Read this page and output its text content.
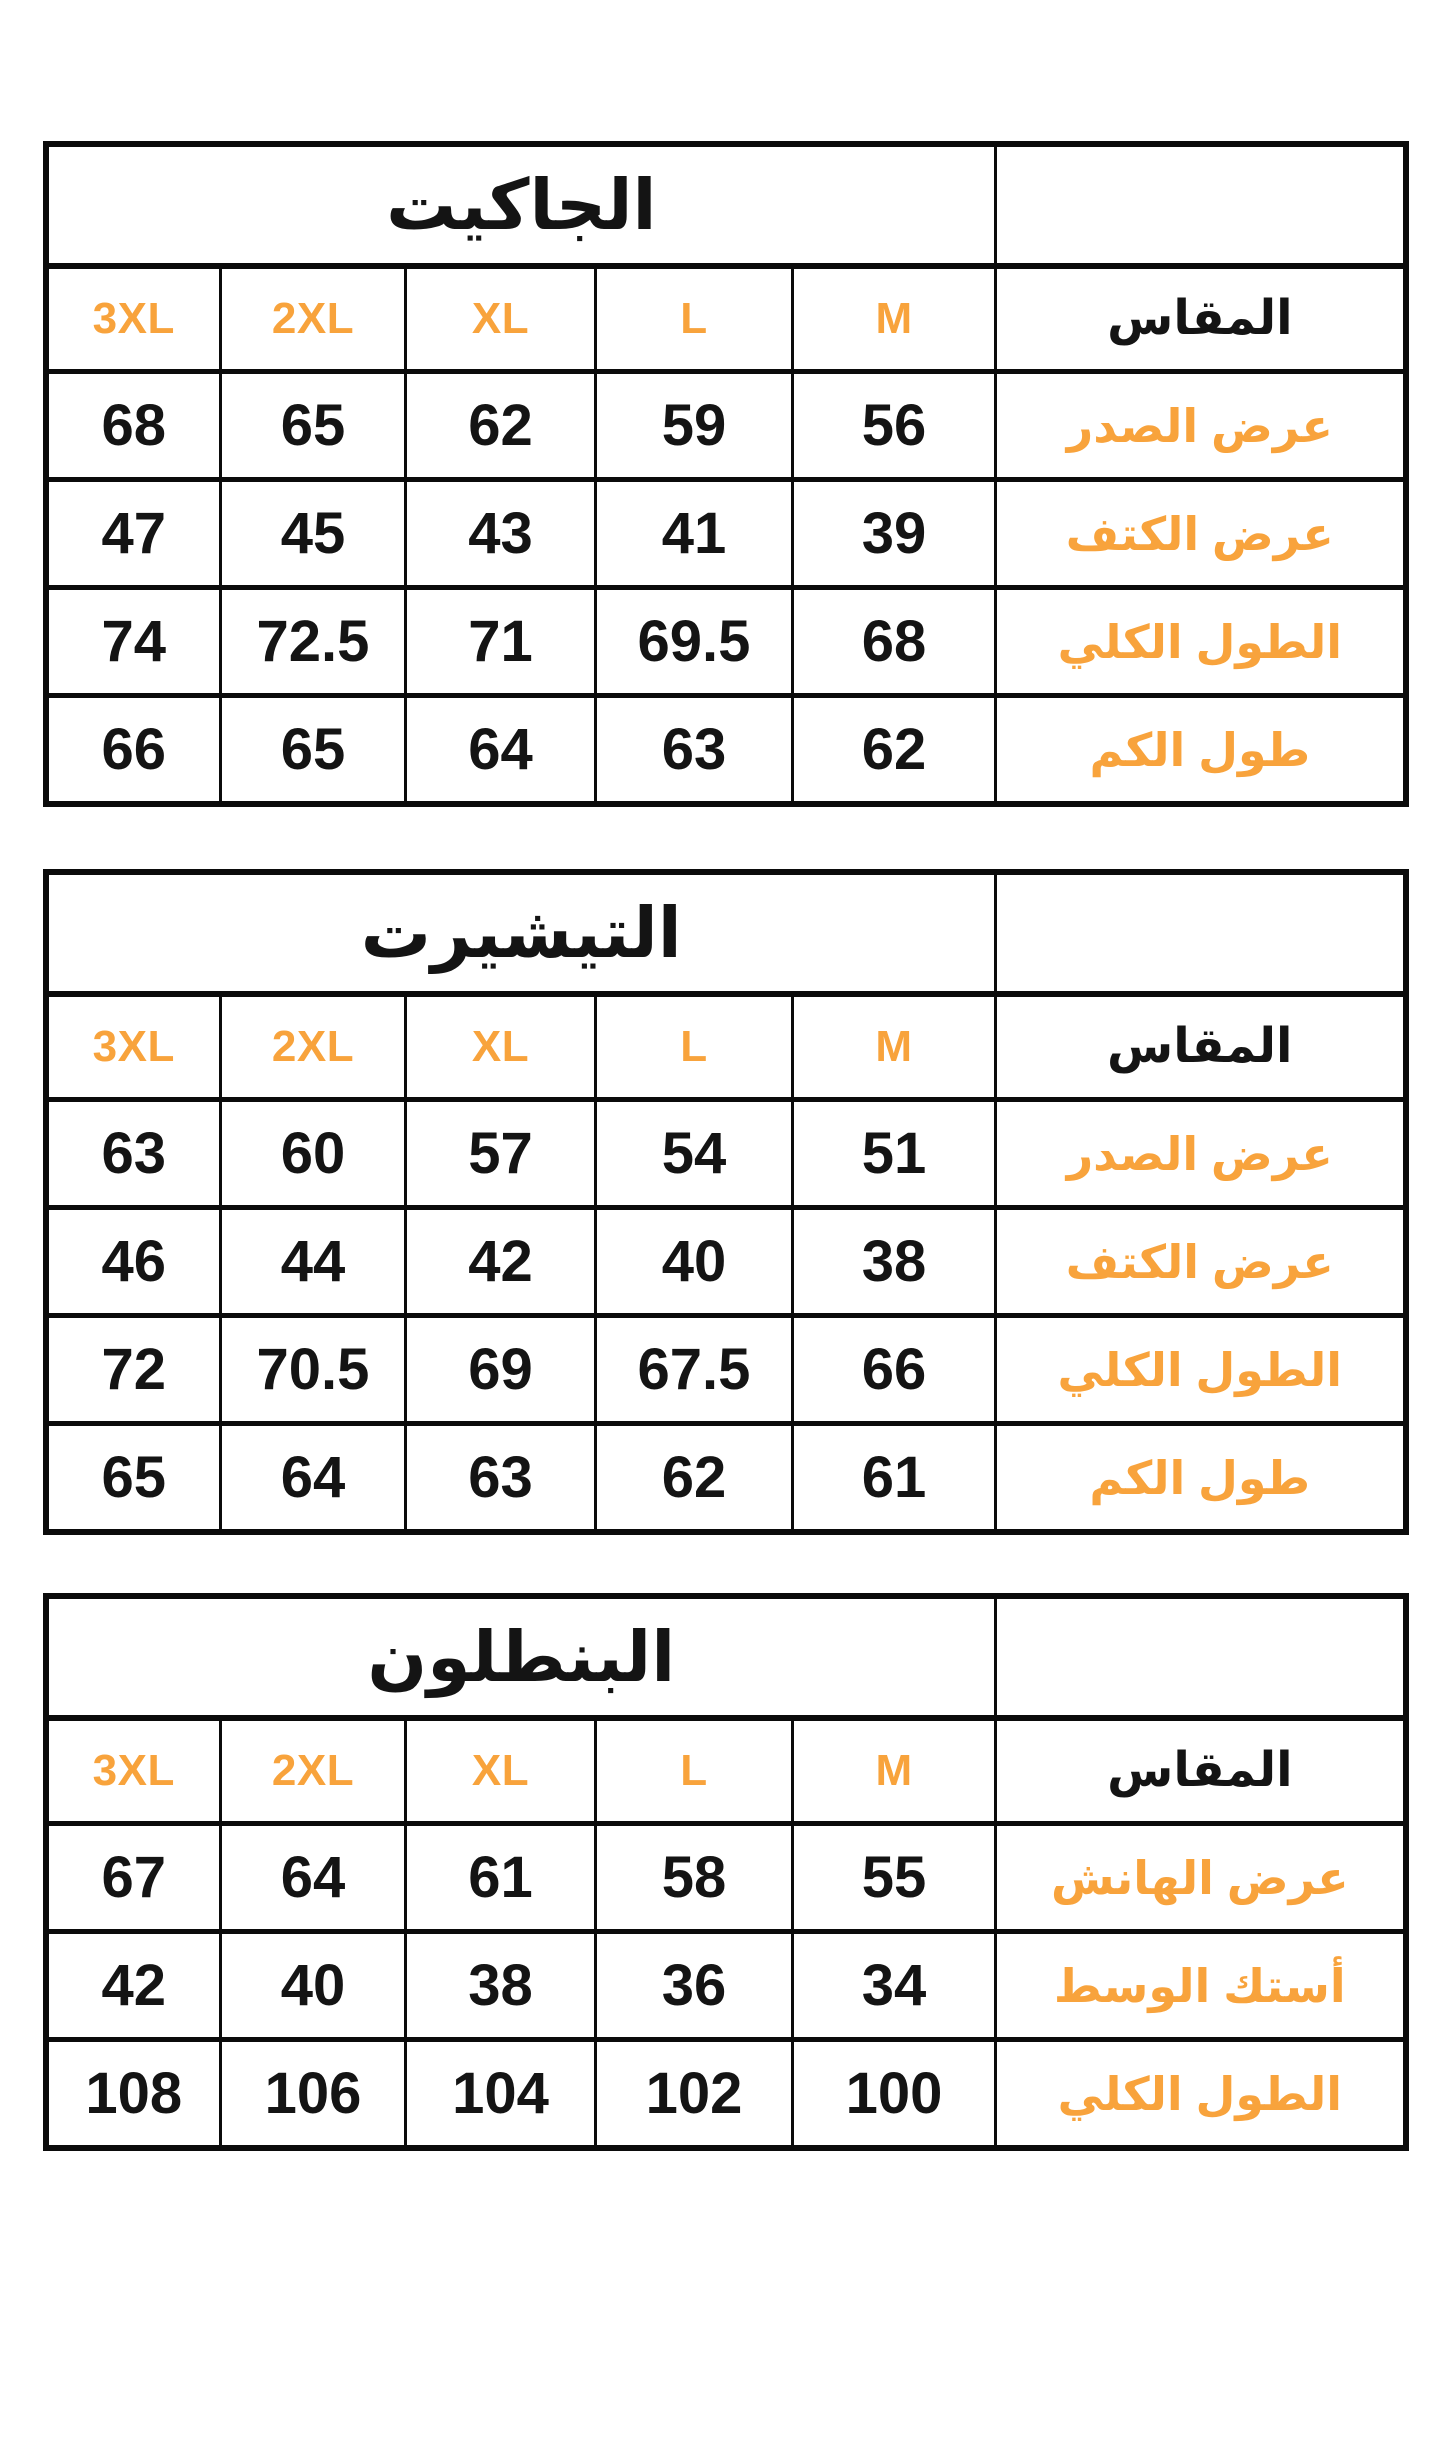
الجاكيت					
3XL	2XL	XL	L	M	المقاس
68	65	62	59	56	عرض الصدر
47	45	43	41	39	عرض الكتف
74	72.5	71	69.5	68	الطول الكلي
66	65	64	63	62	طول الكم
التيشيرت					
3XL	2XL	XL	L	M	المقاس
63	60	57	54	51	عرض الصدر
46	44	42	40	38	عرض الكتف
72	70.5	69	67.5	66	الطول الكلي
65	64	63	62	61	طول الكم
البنطلون					
3XL	2XL	XL	L	M	المقاس
67	64	61	58	55	عرض الهانش
42	40	38	36	34	أستك الوسط
108	106	104	102	100	الطول الكلي
